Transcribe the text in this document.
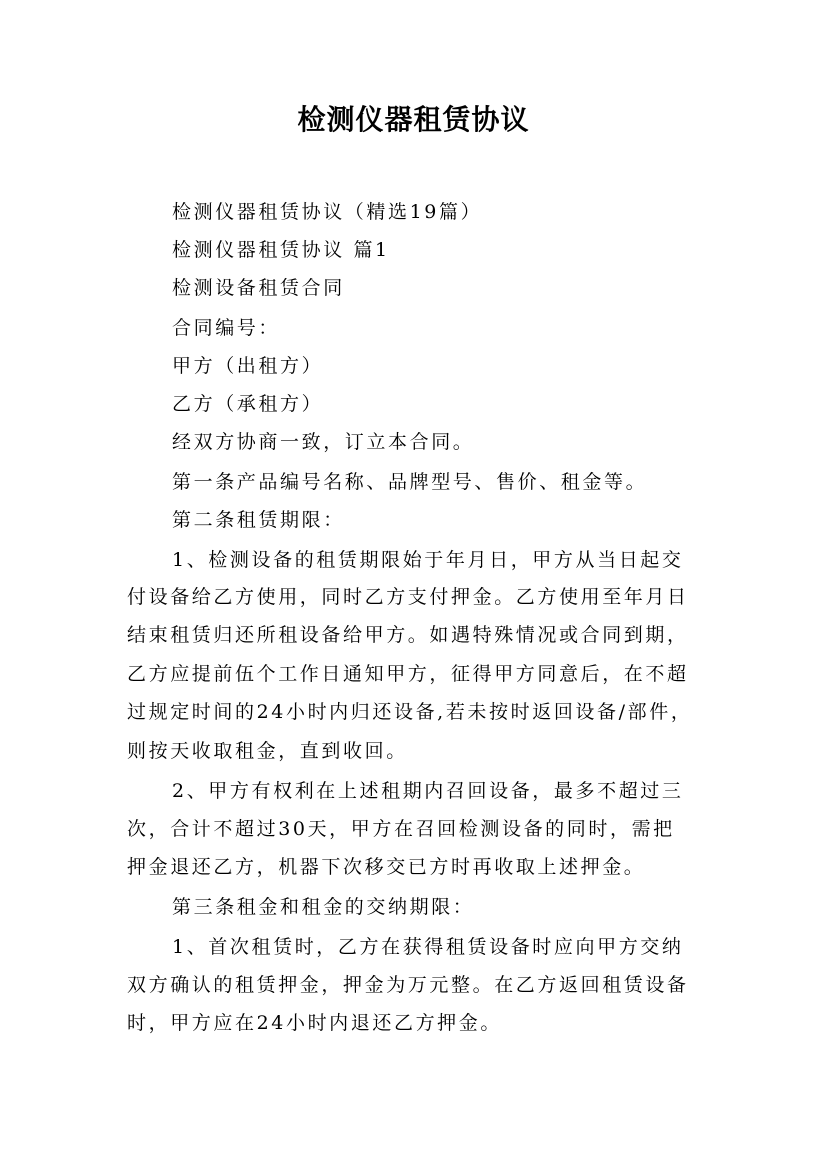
检测仪器租赁协议

检测仪器租赁协议（精选19篇）

检测仪器租赁协议 篇1

检测设备租赁合同

合同编号：

甲方（出租方）

乙方（承租方）

经双方协商一致，订立本合同。

第一条产品编号名称、品牌型号、售价、租金等。

第二条租赁期限：

1、检测设备的租赁期限始于年月日，甲方从当日起交

付设备给乙方使用，同时乙方支付押金。乙方使用至年月日

结束租赁归还所租设备给甲方。如遇特殊情况或合同到期，

乙方应提前伍个工作日通知甲方，征得甲方同意后，在不超

过规定时间的24小时内归还设备,若未按时返回设备/部件，

则按天收取租金，直到收回。

2、甲方有权利在上述租期内召回设备，最多不超过三

次，合计不超过30天，甲方在召回检测设备的同时，需把

押金退还乙方，机器下次移交已方时再收取上述押金。

第三条租金和租金的交纳期限：

1、首次租赁时，乙方在获得租赁设备时应向甲方交纳

双方确认的租赁押金，押金为万元整。在乙方返回租赁设备

时，甲方应在24小时内退还乙方押金。
